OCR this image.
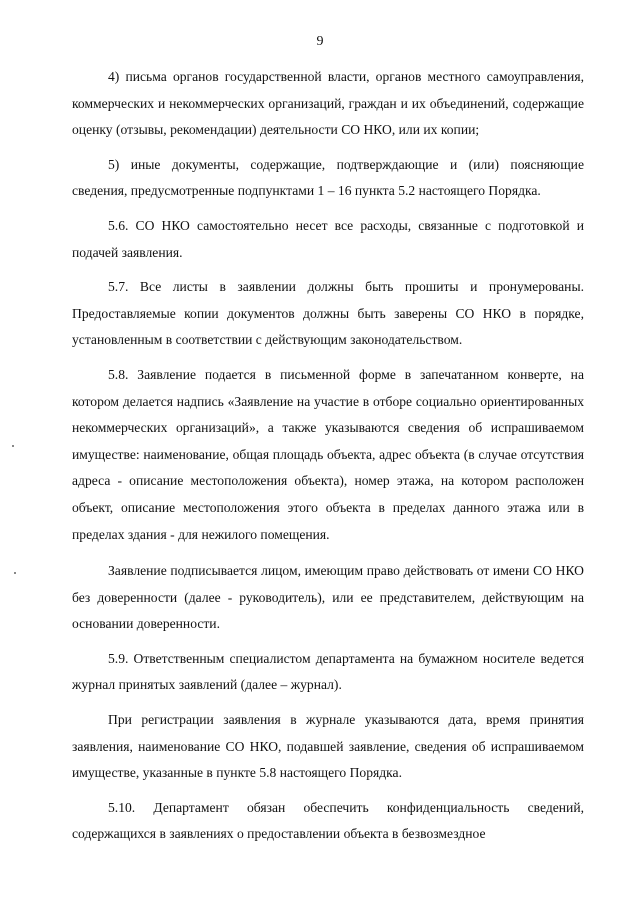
9

4) письма органов государственной власти, органов местного самоуправления, коммерческих и некоммерческих организаций, граждан и их объединений, содержащие оценку (отзывы, рекомендации) деятельности СО НКО, или их копии;

5) иные документы, содержащие, подтверждающие и (или) поясняющие сведения, предусмотренные подпунктами 1 – 16 пункта 5.2 настоящего Порядка.

5.6. СО НКО самостоятельно несет все расходы, связанные с подготовкой и подачей заявления.

5.7. Все листы в заявлении должны быть прошиты и пронумерованы. Предоставляемые копии документов должны быть заверены СО НКО в порядке, установленным в соответствии с действующим законодательством.

5.8. Заявление подается в письменной форме в запечатанном конверте, на котором делается надпись «Заявление на участие в отборе социально ориентированных некоммерческих организаций», а также указываются сведения об испрашиваемом имуществе: наименование, общая площадь объекта, адрес объекта (в случае отсутствия адреса - описание местоположения объекта), номер этажа, на котором расположен объект, описание местоположения этого объекта в пределах данного этажа или в пределах здания - для нежилого помещения.

Заявление подписывается лицом, имеющим право действовать от имени СО НКО без доверенности (далее - руководитель), или ее представителем, действующим на основании доверенности.

5.9. Ответственным специалистом департамента на бумажном носителе ведется журнал принятых заявлений (далее – журнал).

При регистрации заявления в журнале указываются дата, время принятия заявления, наименование СО НКО, подавшей заявление, сведения об испрашиваемом имуществе, указанные в пункте 5.8 настоящего Порядка.

5.10. Департамент обязан обеспечить конфиденциальность сведений, содержащихся в заявлениях о предоставлении объекта в безвозмездное
